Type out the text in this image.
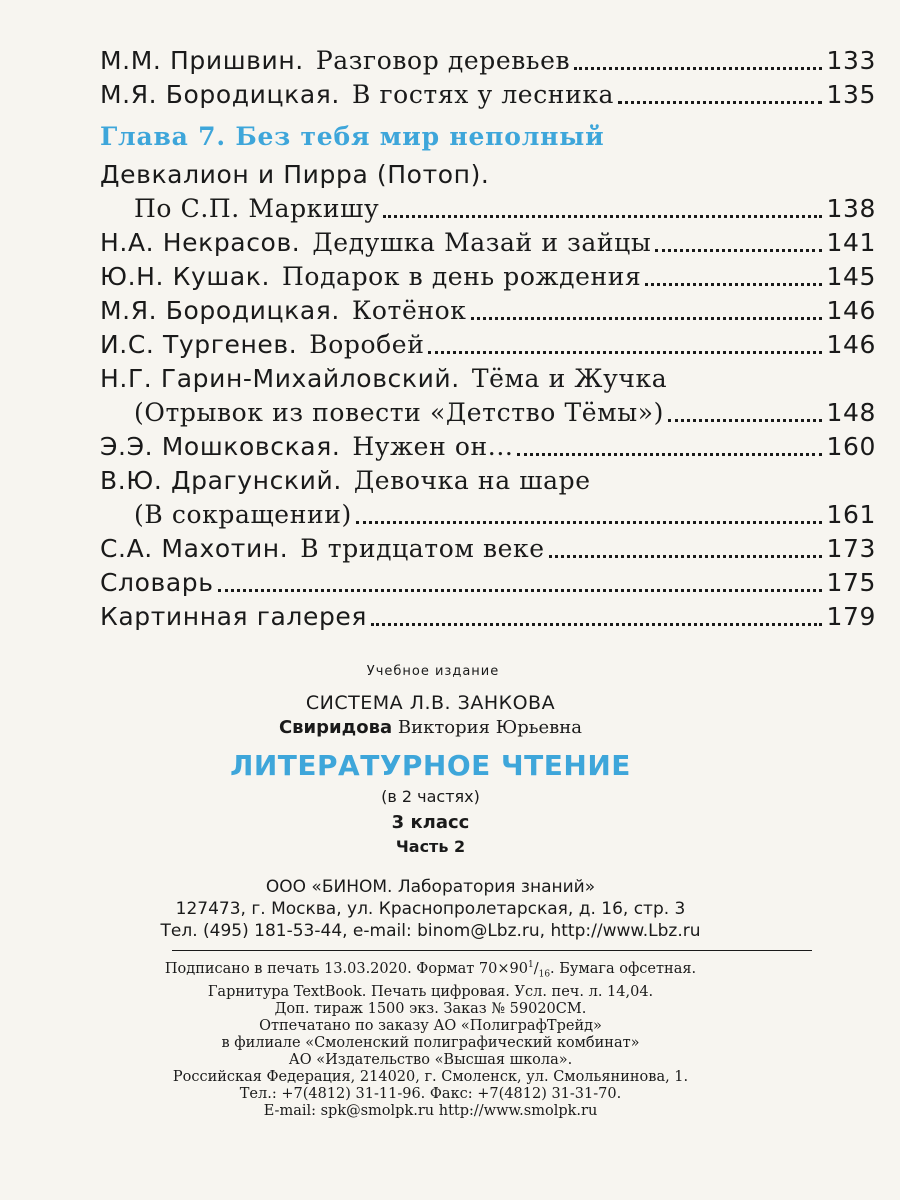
М.М. Пришвин. Разговор деревьев	133
М.Я. Бородицкая. В гостях у лесника	135
Глава 7. Без тебя мир неполный
Девкалион и Пирра (Потоп).
По С.П. Маркишу	138
Н.А. Некрасов. Дедушка Мазай и зайцы	141
Ю.Н. Кушак. Подарок в день рождения	145
М.Я. Бородицкая. Котёнок	146
И.С. Тургенев. Воробей	146
Н.Г. Гарин-Михайловский. Тёма и Жучка
(Отрывок из повести «Детство Тёмы»)	148
Э.Э. Мошковская. Нужен он...	160
В.Ю. Драгунский. Девочка на шаре
(В сокращении)	161
С.А. Махотин. В тридцатом веке	173
Словарь	175
Картинная галерея	179
Учебное издание
СИСТЕМА Л.В. ЗАНКОВА
Свиридова Виктория Юрьевна
ЛИТЕРАТУРНОЕ ЧТЕНИЕ
(в 2 частях)
3 класс
Часть 2
ООО «БИНОМ. Лаборатория знаний»
127473, г. Москва, ул. Краснопролетарская, д. 16, стр. 3
Тел. (495) 181-53-44, e-mail: binom@Lbz.ru, http://www.Lbz.ru
Подписано в печать 13.03.2020. Формат $70\times 90^1/_{16}$. Бумага офсетная.
Гарнитура TextBook. Печать цифровая. Усл. печ. л. 14,04.
Доп. тираж 1500 экз. Заказ № 59020СМ.
Отпечатано по заказу АО «ПолиграфТрейд»
в филиале «Смоленский полиграфический комбинат»
АО «Издательство «Высшая школа».
Российская Федерация, 214020, г. Смоленск, ул. Смольянинова, 1.
Тел.: +7(4812) 31-11-96. Факс: +7(4812) 31-31-70.
E-mail: spk@smolpk.ru http://www.smolpk.ru
